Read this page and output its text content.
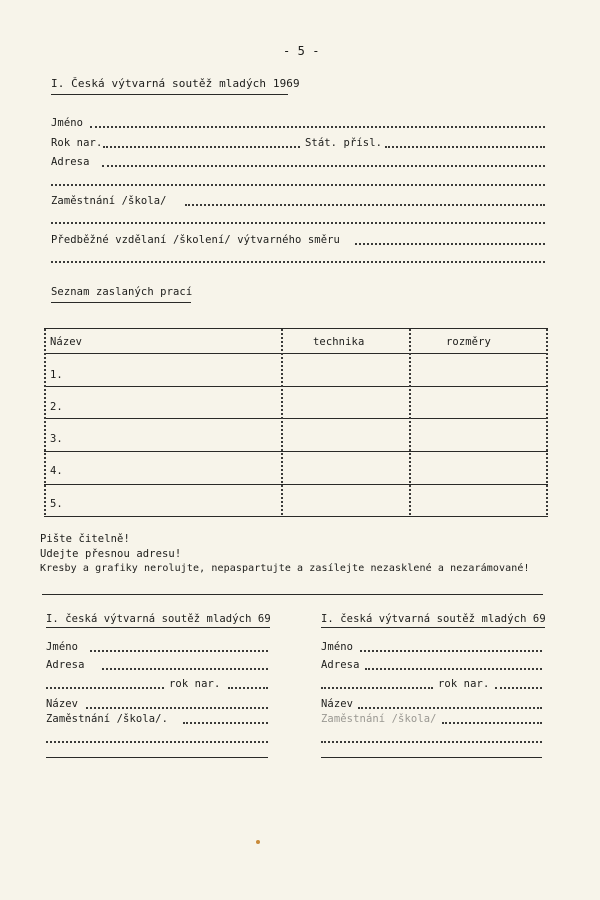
- 5 -
I. Česká výtvarná soutěž mladých 1969
Jméno
Rok nar.	Stát. přísl.
Adresa
Zaměstnání /škola/
Předběžné vzdělaní /školení/ výtvarného směru
Seznam zaslaných prací
Název	technika	rozměry
1.
2.
3.
4.
5.
Pište čitelně!
Udejte přesnou adresu!
Kresby a grafiky nerolujte, nepaspartujte a zasílejte nezasklené a nezarámované!
I. česká výtvarná soutěž mladých 69
Jméno
Adresa
rok nar.
Název
Zaměstnání /škola/.
I. česká výtvarná soutěž mladých 69
Jméno
Adresa
rok nar.
Název
Zaměstnání /škola/
